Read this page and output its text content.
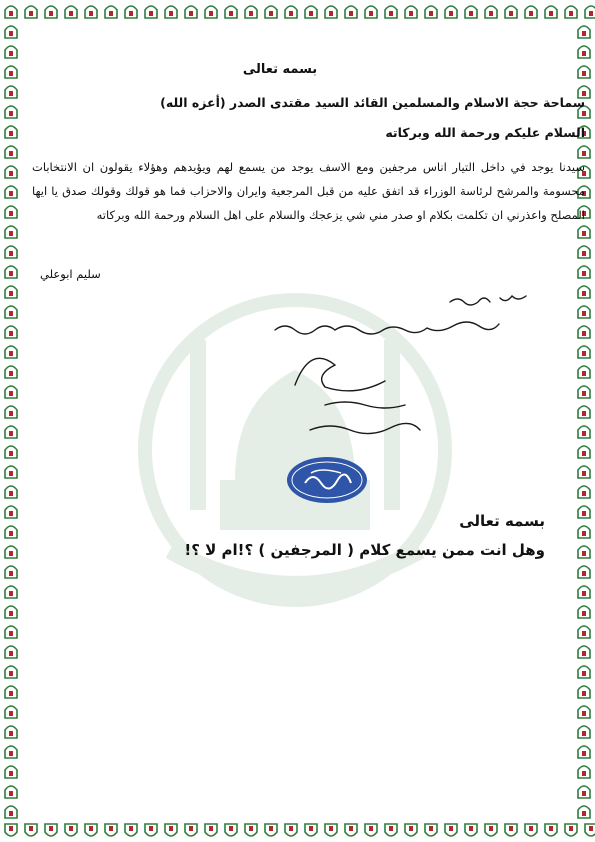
بسمه تعالى
سماحة حجة الاسلام والمسلمين القائد السيد مقتدى الصدر (أعزه الله)
السلام عليكم ورحمة الله وبركاته
سيدنا يوجد في داخل التيار اناس مرجفين ومع الاسف يوجد من يسمع لهم ويؤيدهم وهؤلاء يقولون ان الانتخابات محسومة والمرشح لرئاسة الوزراء قد اتفق عليه من قبل المرجعية وايران والاحزاب فما هو قولك وقولك صدق يا ايها المصلح واعذرني ان تكلمت بكلام او صدر مني شي يزعجك والسلام على اهل السلام ورحمة الله وبركاته
سليم ابوعلي
بسمه تعالى
وهل انت ممن يسمع كلام ( المرجفين ) ؟!ام لا ؟!
